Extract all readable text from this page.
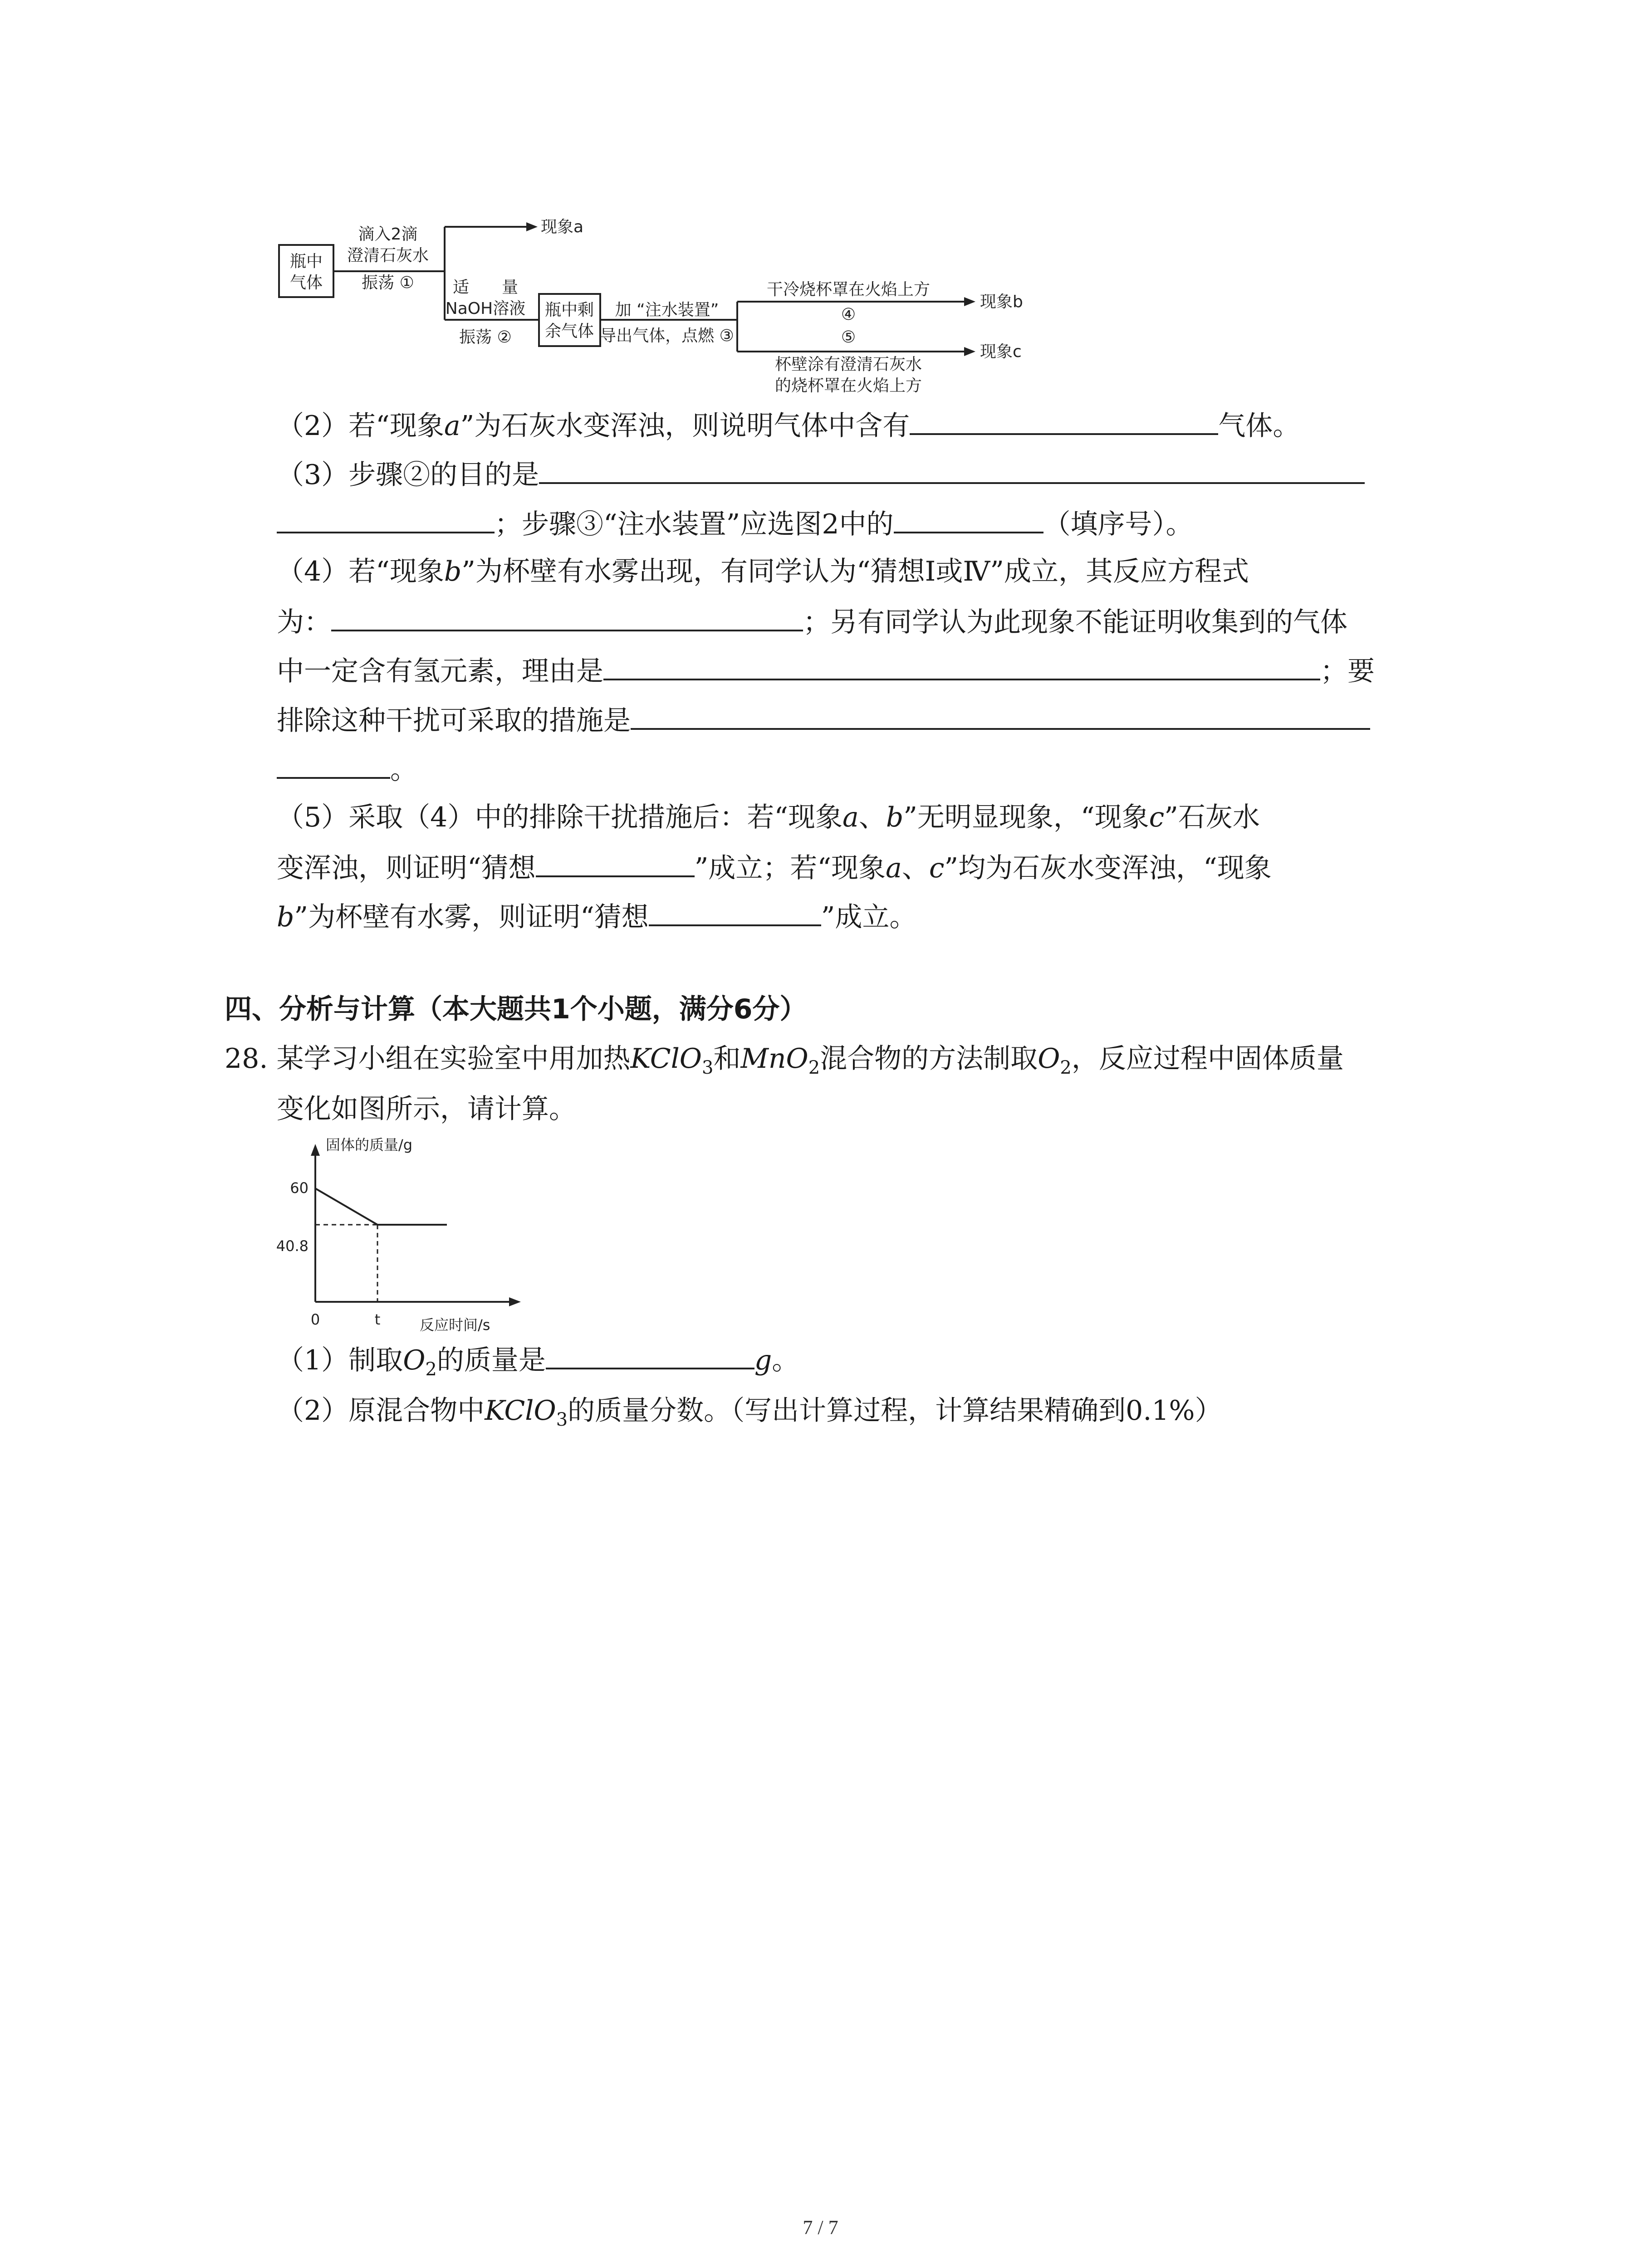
瓶中
气体
滴入2滴
澄清石灰水
振荡 ①
现象a
适　　量
NaOH溶液
振荡 ②
瓶中剩
余气体
加 “注水装置”
导出气体，点燃 ③
干冷烧杯罩在火焰上方
④
现象b
⑤
杯壁涂有澄清石灰水
的烧杯罩在火焰上方
现象c
（2）若“现象a”为石灰水变浑浊，则说明气体中含有	气体。
（3）步骤②的目的是
；步骤③“注水装置”应选图2中的	（填序号）。
（4）若“现象b”为杯壁有水雾出现，有同学认为“猜想Ⅰ或Ⅳ”成立，其反应方程式
为：	；另有同学认为此现象不能证明收集到的气体
中一定含有氢元素，理由是	；要
排除这种干扰可采取的措施是
。
（5）采取（4）中的排除干扰措施后：若“现象a、b”无明显现象，“现象c”石灰水
变浑浊，则证明“猜想	”成立；若“现象a、c”均为石灰水变浑浊，“现象
b”为杯壁有水雾，则证明“猜想	”成立。
四、分析与计算（本大题共1个小题，满分6分）
28. 某学习小组在实验室中用加热KClO$_3$和MnO$_2$混合物的方法制取$O_2$，反应过程中固体质量
变化如图所示，请计算。
固体的质量/g
反应时间/s
60
40.8
0	t
（1）制取$O_2$的质量是	g。
（2）原混合物中KClO$_3$的质量分数。（写出计算过程，计算结果精确到0.1%）
7 / 7
